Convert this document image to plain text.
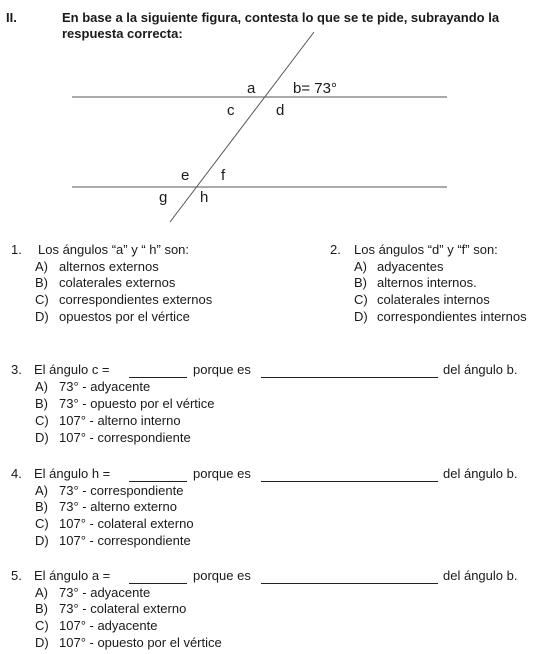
II.	En base a la siguiente figura, contesta lo que se te pide, subrayando la
respuesta correcta:
a	b= 73°
c	d
e f
g h
1. Los ángulos “a” y “ h” son:
A) alternos externos
B) colaterales externos
C) correspondientes externos
D) opuestos por el vértice
2. Los ángulos “d” y “f” son:
A) adyacentes
B) alternos internos.
C) colaterales internos
D) correspondientes internos
3. El ángulo c =	porque es	del ángulo b.
A) 73° - adyacente
B) 73° - opuesto por el vértice
C) 107° - alterno interno
D) 107° - correspondiente
4. El ángulo h =	porque es	del ángulo b.
A) 73° - correspondiente
B) 73° - alterno externo
C) 107° - colateral externo
D) 107° - correspondiente
5. El ángulo a =	porque es	del ángulo b.
A) 73° - adyacente
B) 73° - colateral externo
C) 107° - adyacente
D) 107° - opuesto por el vértice
